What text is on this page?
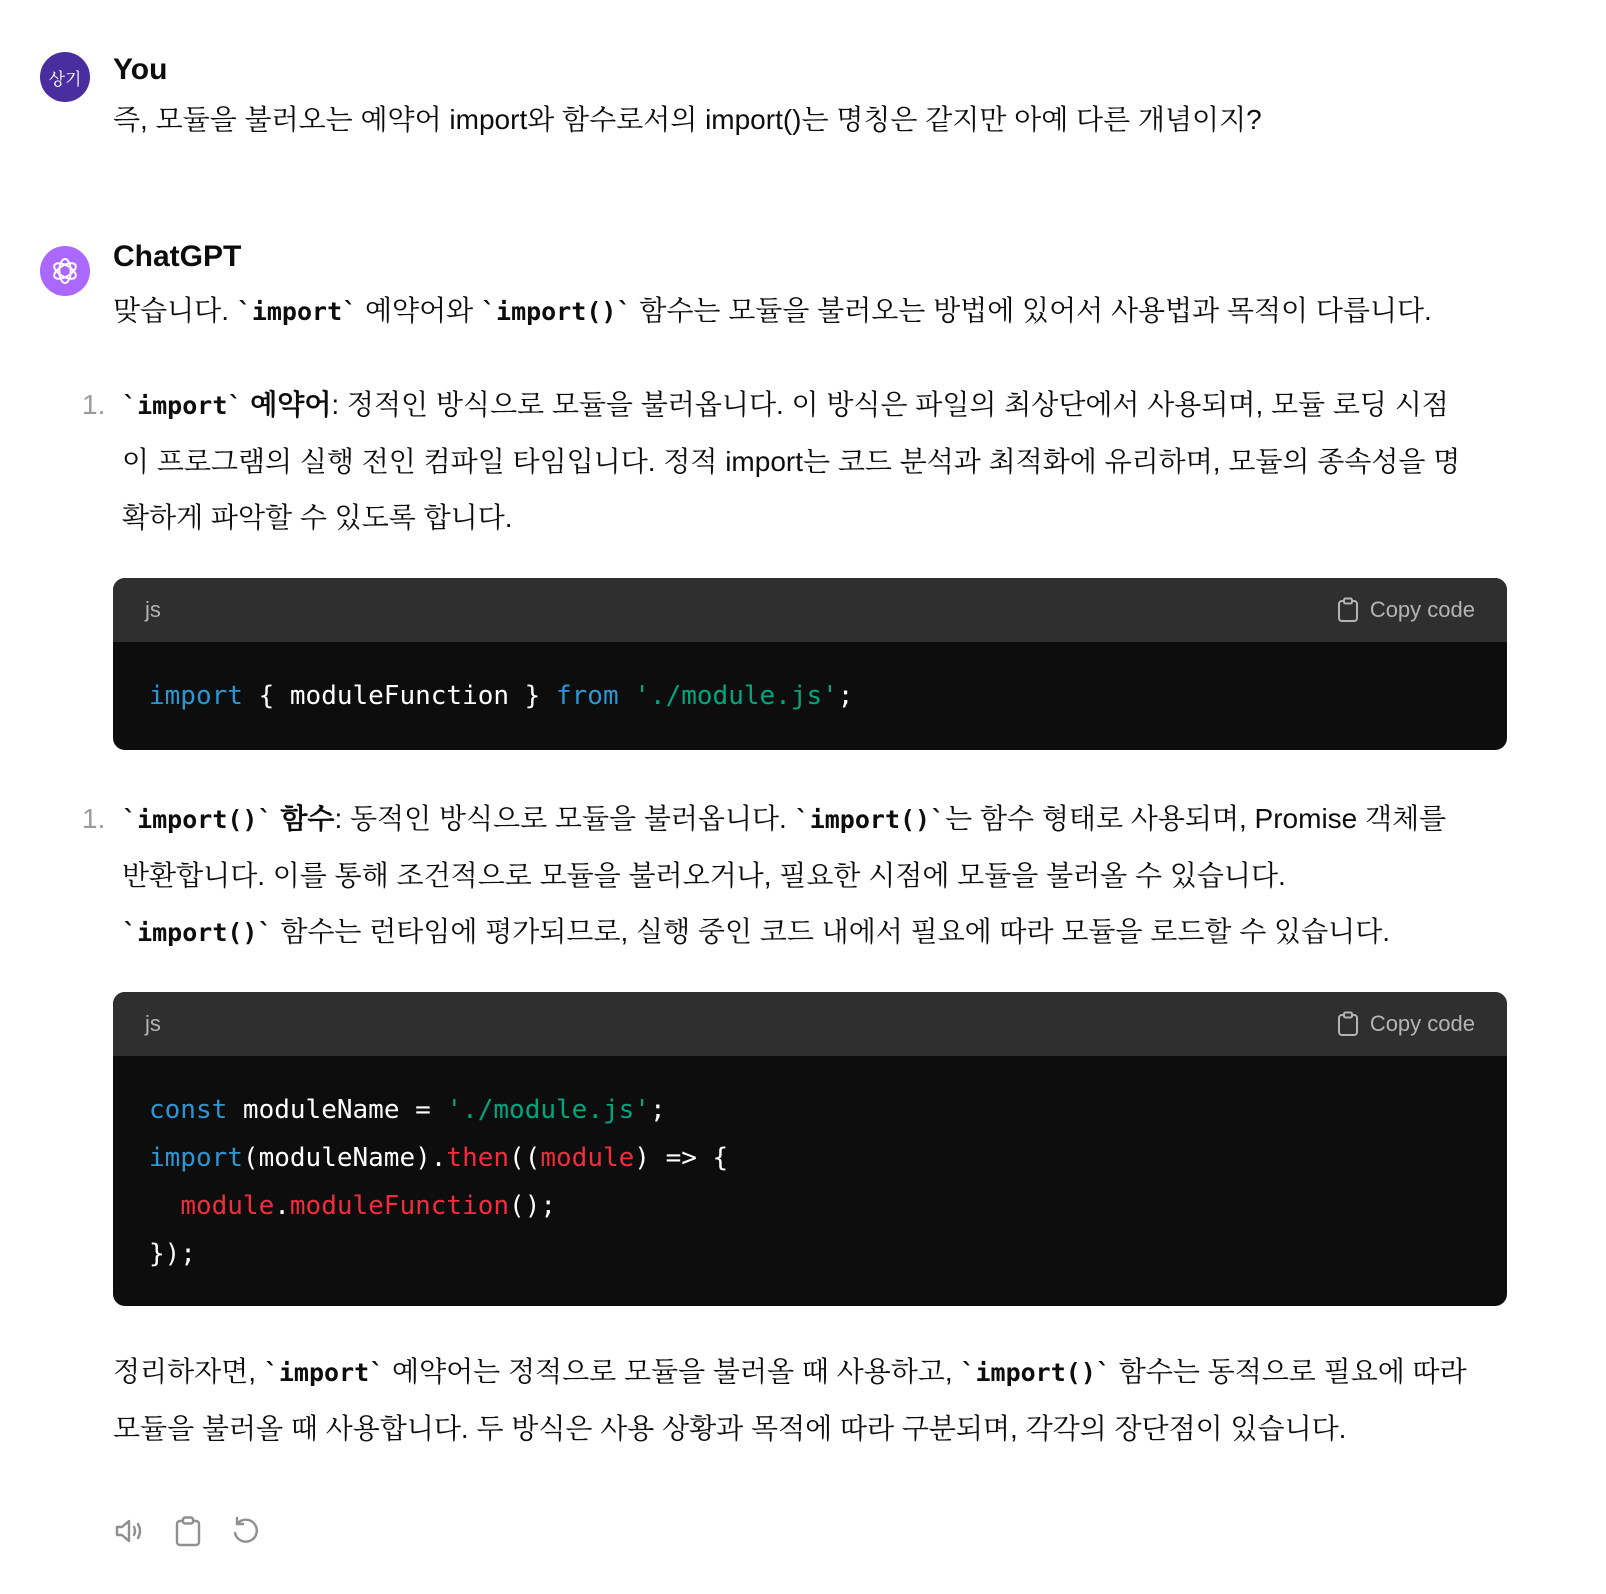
상기 You

즉, 모듈을 불러오는 예약어 import와 함수로서의 import()는 명칭은 같지만 아예 다른 개념이지?

ChatGPT

맞습니다. ` import ` 예약어와 ` import() ` 함수는 모듈을 불러오는 방법에 있어서 사용법과 목적이 다릅니다.

1.	` import ` 예약어: 정적인 방식으로 모듈을 불러옵니다. 이 방식은 파일의 최상단에서 사용되며, 모듈 로딩 시점이 프로그램의 실행 전인 컴파일 타임입니다. 정적 import는 코드 분석과 최적화에 유리하며, 모듈의 종속성을 명확하게 파악할 수 있도록 합니다.

js	Copy code
import { moduleFunction } from './module.js';
1.	` import() ` 함수: 동적인 방식으로 모듈을 불러옵니다. ` import() ` 는 함수 형태로 사용되며, Promise 객체를 반환합니다. 이를 통해 조건적으로 모듈을 불러오거나, 필요한 시점에 모듈을 불러올 수 있습니다.
` import() ` 함수는 런타임에 평가되므로, 실행 중인 코드 내에서 필요에 따라 모듈을 로드할 수 있습니다.

js	Copy code
const moduleName = './module.js';
import(moduleName).then((module) => {
module.moduleFunction();
});

정리하자면, ` import ` 예약어는 정적으로 모듈을 불러올 때 사용하고, ` import() ` 함수는 동적으로 필요에 따라 모듈을 불러올 때 사용합니다. 두 방식은 사용 상황과 목적에 따라 구분되며, 각각의 장단점이 있습니다.
